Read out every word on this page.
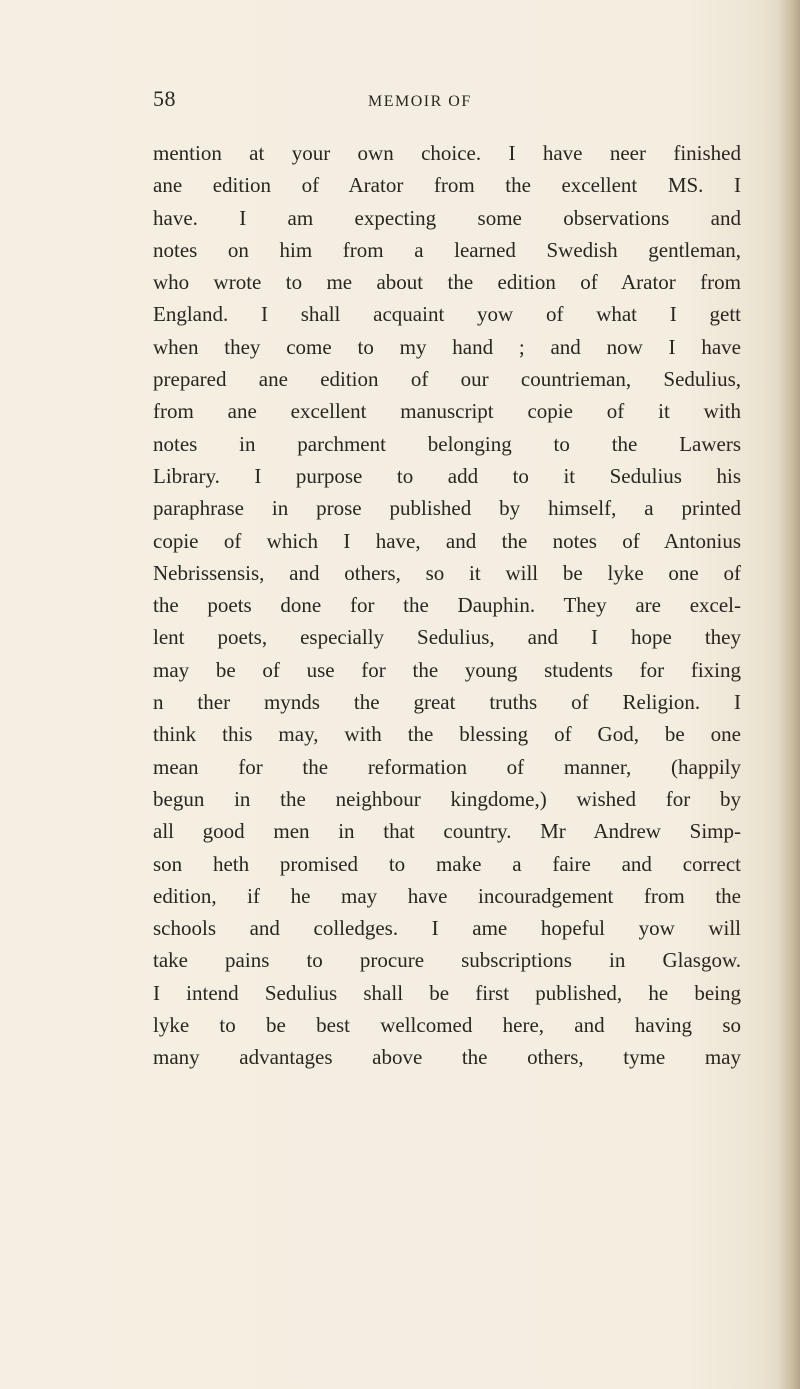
58	MEMOIR OF
mention at your own choice. I have neer finished
ane edition of Arator from the excellent MS. I
have. I am expecting some observations and
notes on him from a learned Swedish gentleman,
who wrote to me about the edition of Arator from
England. I shall acquaint yow of what I gett
when they come to my hand ; and now I have
prepared ane edition of our countrieman, Sedulius,
from ane excellent manuscript copie of it with
notes in parchment belonging to the Lawers
Library. I purpose to add to it Sedulius his
paraphrase in prose published by himself, a printed
copie of which I have, and the notes of Antonius
Nebrissensis, and others, so it will be lyke one of
the poets done for the Dauphin. They are excel-
lent poets, especially Sedulius, and I hope they
may be of use for the young students for fixing
n ther mynds the great truths of Religion. I
think this may, with the blessing of God, be one
mean for the reformation of manner, (happily
begun in the neighbour kingdome,) wished for by
all good men in that country. Mr Andrew Simp-
son heth promised to make a faire and correct
edition, if he may have incouradgement from the
schools and colledges. I ame hopeful yow will
take pains to procure subscriptions in Glasgow.
I intend Sedulius shall be first published, he being
lyke to be best wellcomed here, and having so
many advantages above the others, tyme may
